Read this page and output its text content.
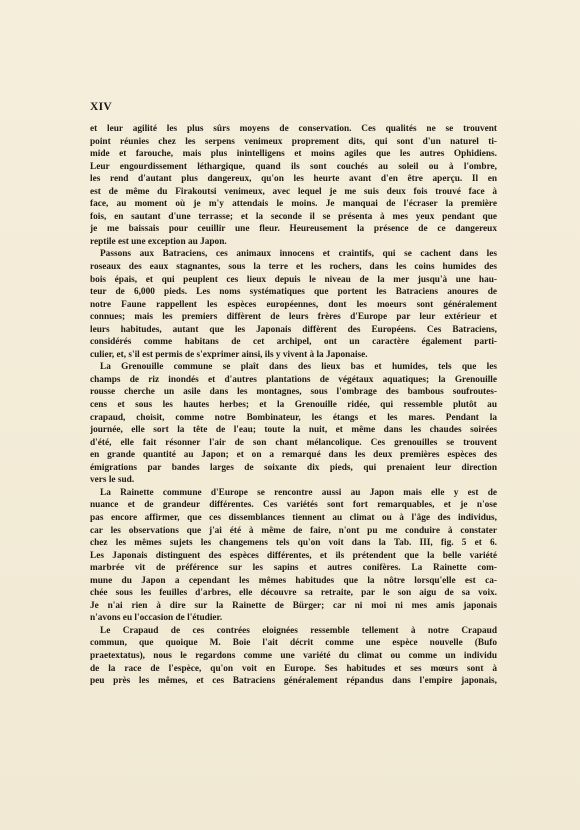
XIV
et leur agilité les plus sûrs moyens de conservation. Ces qualités ne se trouvent
point réunies chez les serpens venimeux proprement dits, qui sont d'un naturel ti-
mide et farouche, mais plus inintelligens et moins agiles que les autres Ophidiens.
Leur engourdissement léthargique, quand ils sont couchés au soleil ou à l'ombre,
les rend d'autant plus dangereux, qu'on les heurte avant d'en être aperçu. Il en
est de même du Firakoutsi venimeux, avec lequel je me suis deux fois trouvé face à
face, au moment où je m'y attendais le moins. Je manquai de l'écraser la première
fois, en sautant d'une terrasse; et la seconde il se présenta à mes yeux pendant que
je me baissais pour ceuillir une fleur. Heureusement la présence de ce dangereux
reptile est une exception au Japon.
Passons aux Batraciens, ces animaux innocens et craintifs, qui se cachent dans les
roseaux des eaux stagnantes, sous la terre et les rochers, dans les coins humides des
bois épais, et qui peuplent ces lieux depuis le niveau de la mer jusqu'à une hau-
teur de 6,000 pieds. Les noms systématiques que portent les Batraciens anoures de
notre Faune rappellent les espèces européennes, dont les moeurs sont généralement
connues; mais les premiers diffèrent de leurs frères d'Europe par leur extérieur et
leurs habitudes, autant que les Japonais diffèrent des Européens. Ces Batraciens,
considérés comme habitans de cet archipel, ont un caractère également parti-
culier, et, s'il est permis de s'exprimer ainsi, ils y vivent à la Japonaise.
La Grenouille commune se plaît dans des lieux bas et humides, tels que les
champs de riz inondés et d'autres plantations de végétaux aquatiques; la Grenouille
rousse cherche un asile dans les montagnes, sous l'ombrage des bambous soufroutes-
cens et sous les hautes herbes; et la Grenouille ridée, qui ressemble plutôt au
crapaud, choisit, comme notre Bombinateur, les étangs et les mares. Pendant la
journée, elle sort la tête de l'eau; toute la nuit, et même dans les chaudes soirées
d'été, elle fait résonner l'air de son chant mélancolique. Ces grenouilles se trouvent
en grande quantité au Japon; et on a remarqué dans les deux premières espèces des
émigrations par bandes larges de soixante dix pieds, qui prenaient leur direction
vers le sud.
La Rainette commune d'Europe se rencontre aussi au Japon mais elle y est de
nuance et de grandeur différentes. Ces variétés sont fort remarquables, et je n'ose
pas encore affirmer, que ces dissemblances tiennent au climat ou à l'âge des individus,
car les observations que j'ai été à même de faire, n'ont pu me conduire à constater
chez les mêmes sujets les changemens tels qu'on voit dans la Tab. III, fig. 5 et 6.
Les Japonais distinguent des espèces différentes, et ils prétendent que la belle variété
marbrée vit de préférence sur les sapins et autres conifères. La Rainette com-
mune du Japon a cependant les mêmes habitudes que la nôtre lorsqu'elle est ca-
chée sous les feuilles d'arbres, elle découvre sa retraite, par le son aigu de sa voix.
Je n'ai rien à dire sur la Rainette de Bürger; car ni moi ni mes amis japonais
n'avons eu l'occasion de l'étudier.
Le Crapaud de ces contrées eloignées ressemble tellement à notre Crapaud
commun, que quoique M. Boie l'ait décrit comme une espèce nouvelle (Bufo
praetextatus), nous le regardons comme une variété du climat ou comme un individu
de la race de l'espèce, qu'on voit en Europe. Ses habitudes et ses mœurs sont à
peu près les mêmes, et ces Batraciens généralement répandus dans l'empire japonais,
